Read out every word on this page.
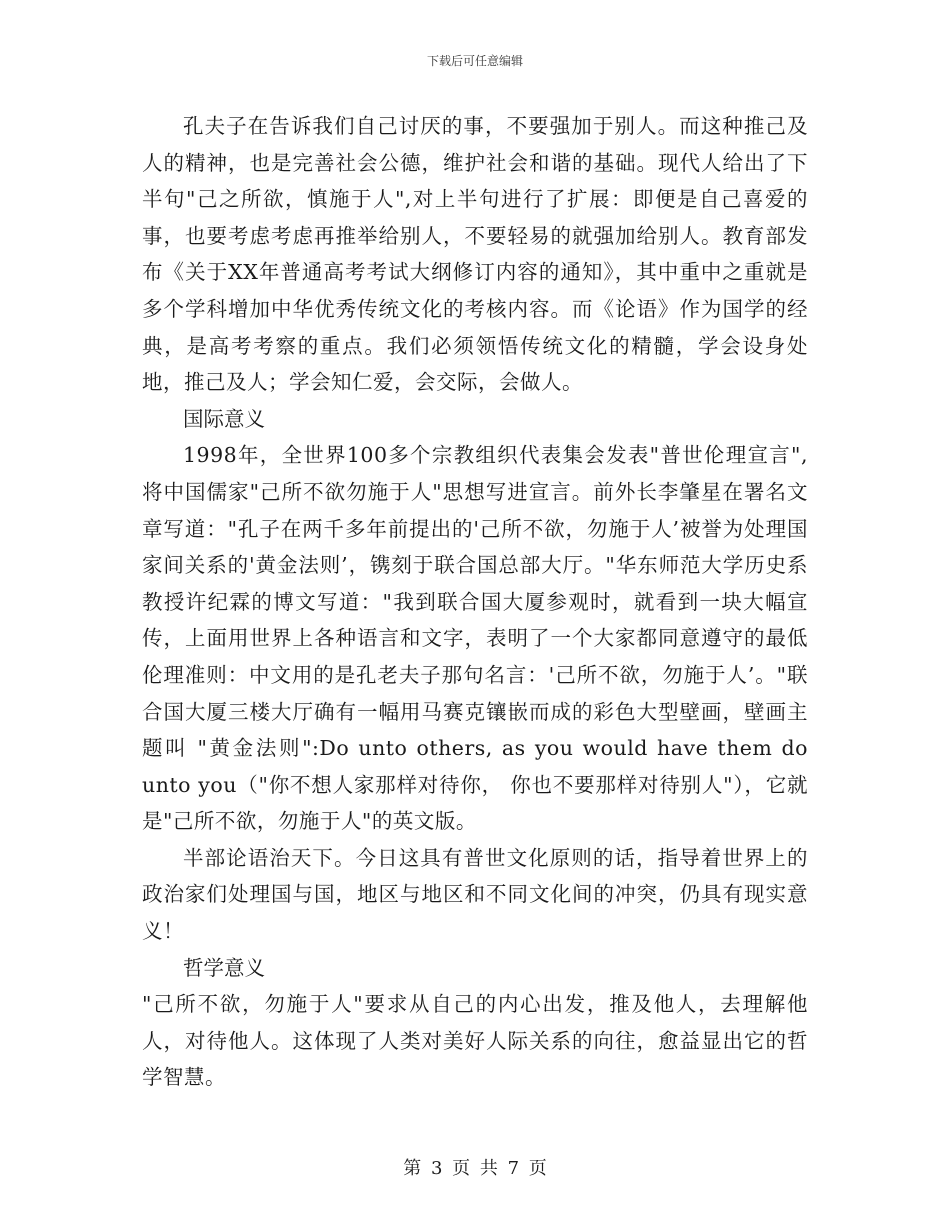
下载后可任意编辑

孔夫子在告诉我们自己讨厌的事，不要强加于别人。而这种推己及人的精神，也是完善社会公德，维护社会和谐的基础。现代人给出了下半句"己之所欲，慎施于人",对上半句进行了扩展：即便是自己喜爱的事，也要考虑考虑再推举给别人，不要轻易的就强加给别人。教育部发布《关于XX年普通高考考试大纲修订内容的通知》，其中重中之重就是多个学科增加中华优秀传统文化的考核内容。而《论语》作为国学的经典，是高考考察的重点。我们必须领悟传统文化的精髓，学会设身处地，推己及人；学会知仁爱，会交际，会做人。

国际意义

1998年，全世界100多个宗教组织代表集会发表"普世伦理宣言",将中国儒家"己所不欲勿施于人"思想写进宣言。前外长李肇星在署名文章写道："孔子在两千多年前提出的'己所不欲，勿施于人’被誉为处理国家间关系的'黄金法则’，镌刻于联合国总部大厅。"华东师范大学历史系教授许纪霖的博文写道："我到联合国大厦参观时，就看到一块大幅宣传，上面用世界上各种语言和文字，表明了一个大家都同意遵守的最低伦理准则：中文用的是孔老夫子那句名言：'己所不欲，勿施于人’。"联合国大厦三楼大厅确有一幅用马赛克镶嵌而成的彩色大型壁画，壁画主题叫 "黄金法则":Do unto others, as you would have them do unto you（"你不想人家那样对待你， 你也不要那样对待别人"），它就是"己所不欲，勿施于人"的英文版。

半部论语治天下。今日这具有普世文化原则的话，指导着世界上的政治家们处理国与国，地区与地区和不同文化间的冲突，仍具有现实意义！

哲学意义

"己所不欲，勿施于人"要求从自己的内心出发，推及他人，去理解他人，对待他人。这体现了人类对美好人际关系的向往，愈益显出它的哲学智慧。

第 3 页 共 7 页
